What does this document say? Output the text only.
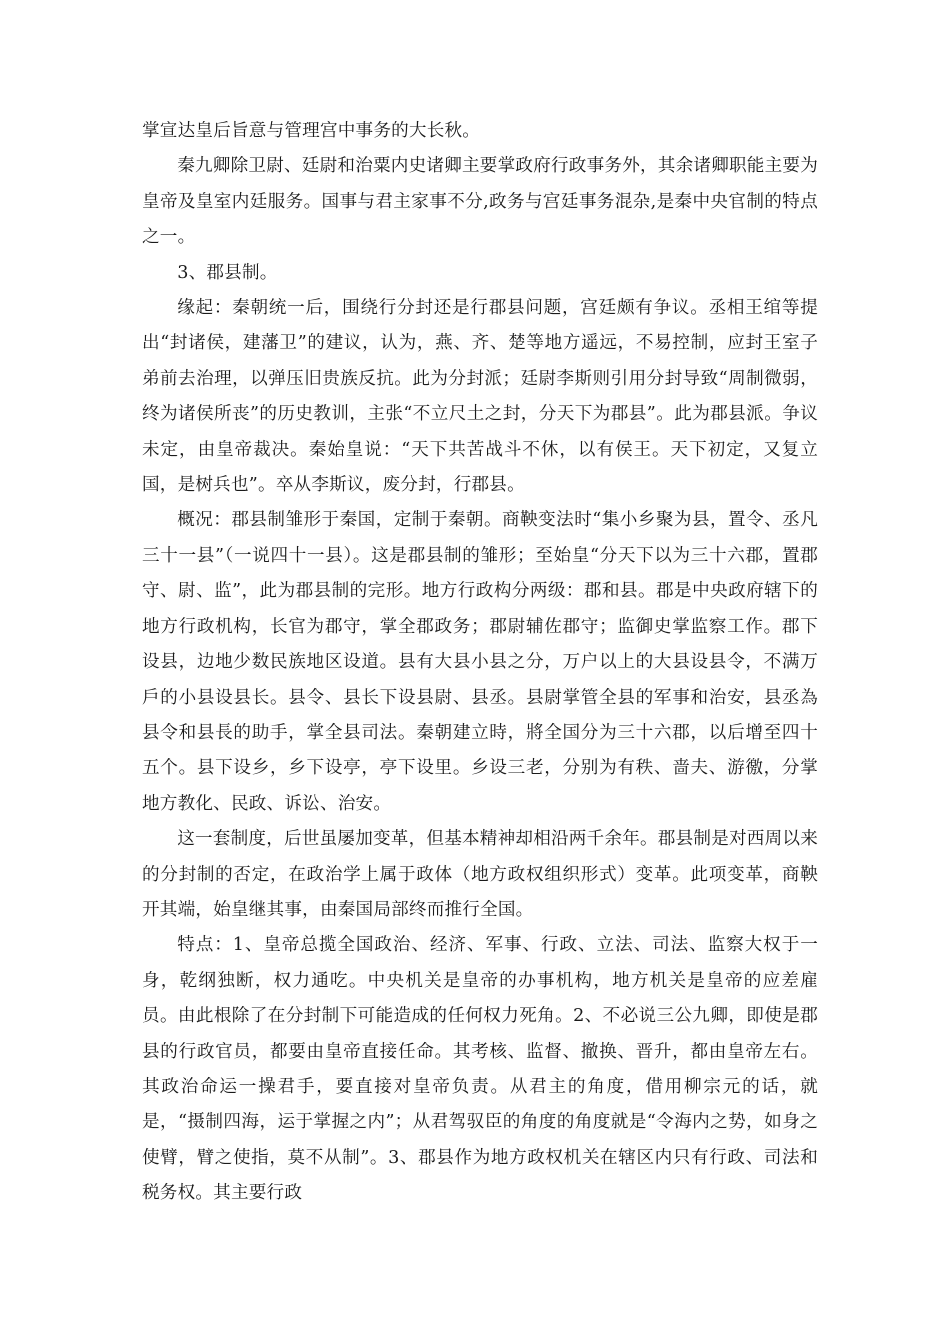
掌宣达皇后旨意与管理宫中事务的大长秋。

秦九卿除卫尉、廷尉和治粟内史诸卿主要掌政府行政事务外，其余诸卿职能主要为皇帝及皇室内廷服务。国事与君主家事不分,政务与宫廷事务混杂,是秦中央官制的特点之一。

3、郡县制。

缘起：秦朝统一后，围绕行分封还是行郡县问题，宫廷颇有争议。丞相王绾等提出“封诸侯，建藩卫”的建议，认为，燕、齐、楚等地方遥远，不易控制，应封王室子弟前去治理，以弹压旧贵族反抗。此为分封派；廷尉李斯则引用分封导致“周制微弱，终为诸侯所丧”的历史教训，主张“不立尺土之封，分天下为郡县”。此为郡县派。争议未定，由皇帝裁决。秦始皇说：“天下共苦战斗不休，以有侯王。天下初定，又复立国，是树兵也”。卒从李斯议，废分封，行郡县。

概况：郡县制雏形于秦国，定制于秦朝。商鞅变法时“集小乡聚为县，置令、丞凡三十一县”（一说四十一县）。这是郡县制的雏形；至始皇“分天下以为三十六郡，置郡守、尉、监”，此为郡县制的完形。地方行政构分两级：郡和县。郡是中央政府辖下的地方行政机构，长官为郡守，掌全郡政务；郡尉辅佐郡守；监御史掌监察工作。郡下设县，边地少数民族地区设道。县有大县小县之分，万户以上的大县设县令，不满万戶的小县设县长。县令、县长下设县尉、县丞。县尉掌管全县的军事和治安，县丞為县令和县長的助手，掌全县司法。秦朝建立時，將全国分为三十六郡，以后增至四十五个。县下设乡，乡下设亭，亭下设里。乡设三老，分别为有秩、啬夫、游徼，分掌地方教化、民政、诉讼、治安。

这一套制度，后世虽屡加变革，但基本精神却相沿两千余年。郡县制是对西周以来的分封制的否定，在政治学上属于政体（地方政权组织形式）变革。此项变革，商鞅开其端，始皇继其事，由秦国局部终而推行全国。

特点：1、皇帝总揽全国政治、经济、军事、行政、立法、司法、监察大权于一身，乾纲独断，权力通吃。中央机关是皇帝的办事机构，地方机关是皇帝的应差雇员。由此根除了在分封制下可能造成的任何权力死角。2、不必说三公九卿，即使是郡县的行政官员，都要由皇帝直接任命。其考核、监督、撤换、晋升，都由皇帝左右。其政治命运一操君手，要直接对皇帝负责。从君主的角度，借用柳宗元的话，就是，“摄制四海，运于掌握之内”；从君驾驭臣的角度的角度就是“令海内之势，如身之使臂，臂之使指，莫不从制”。3、郡县作为地方政权机关在辖区内只有行政、司法和税务权。其主要行政
